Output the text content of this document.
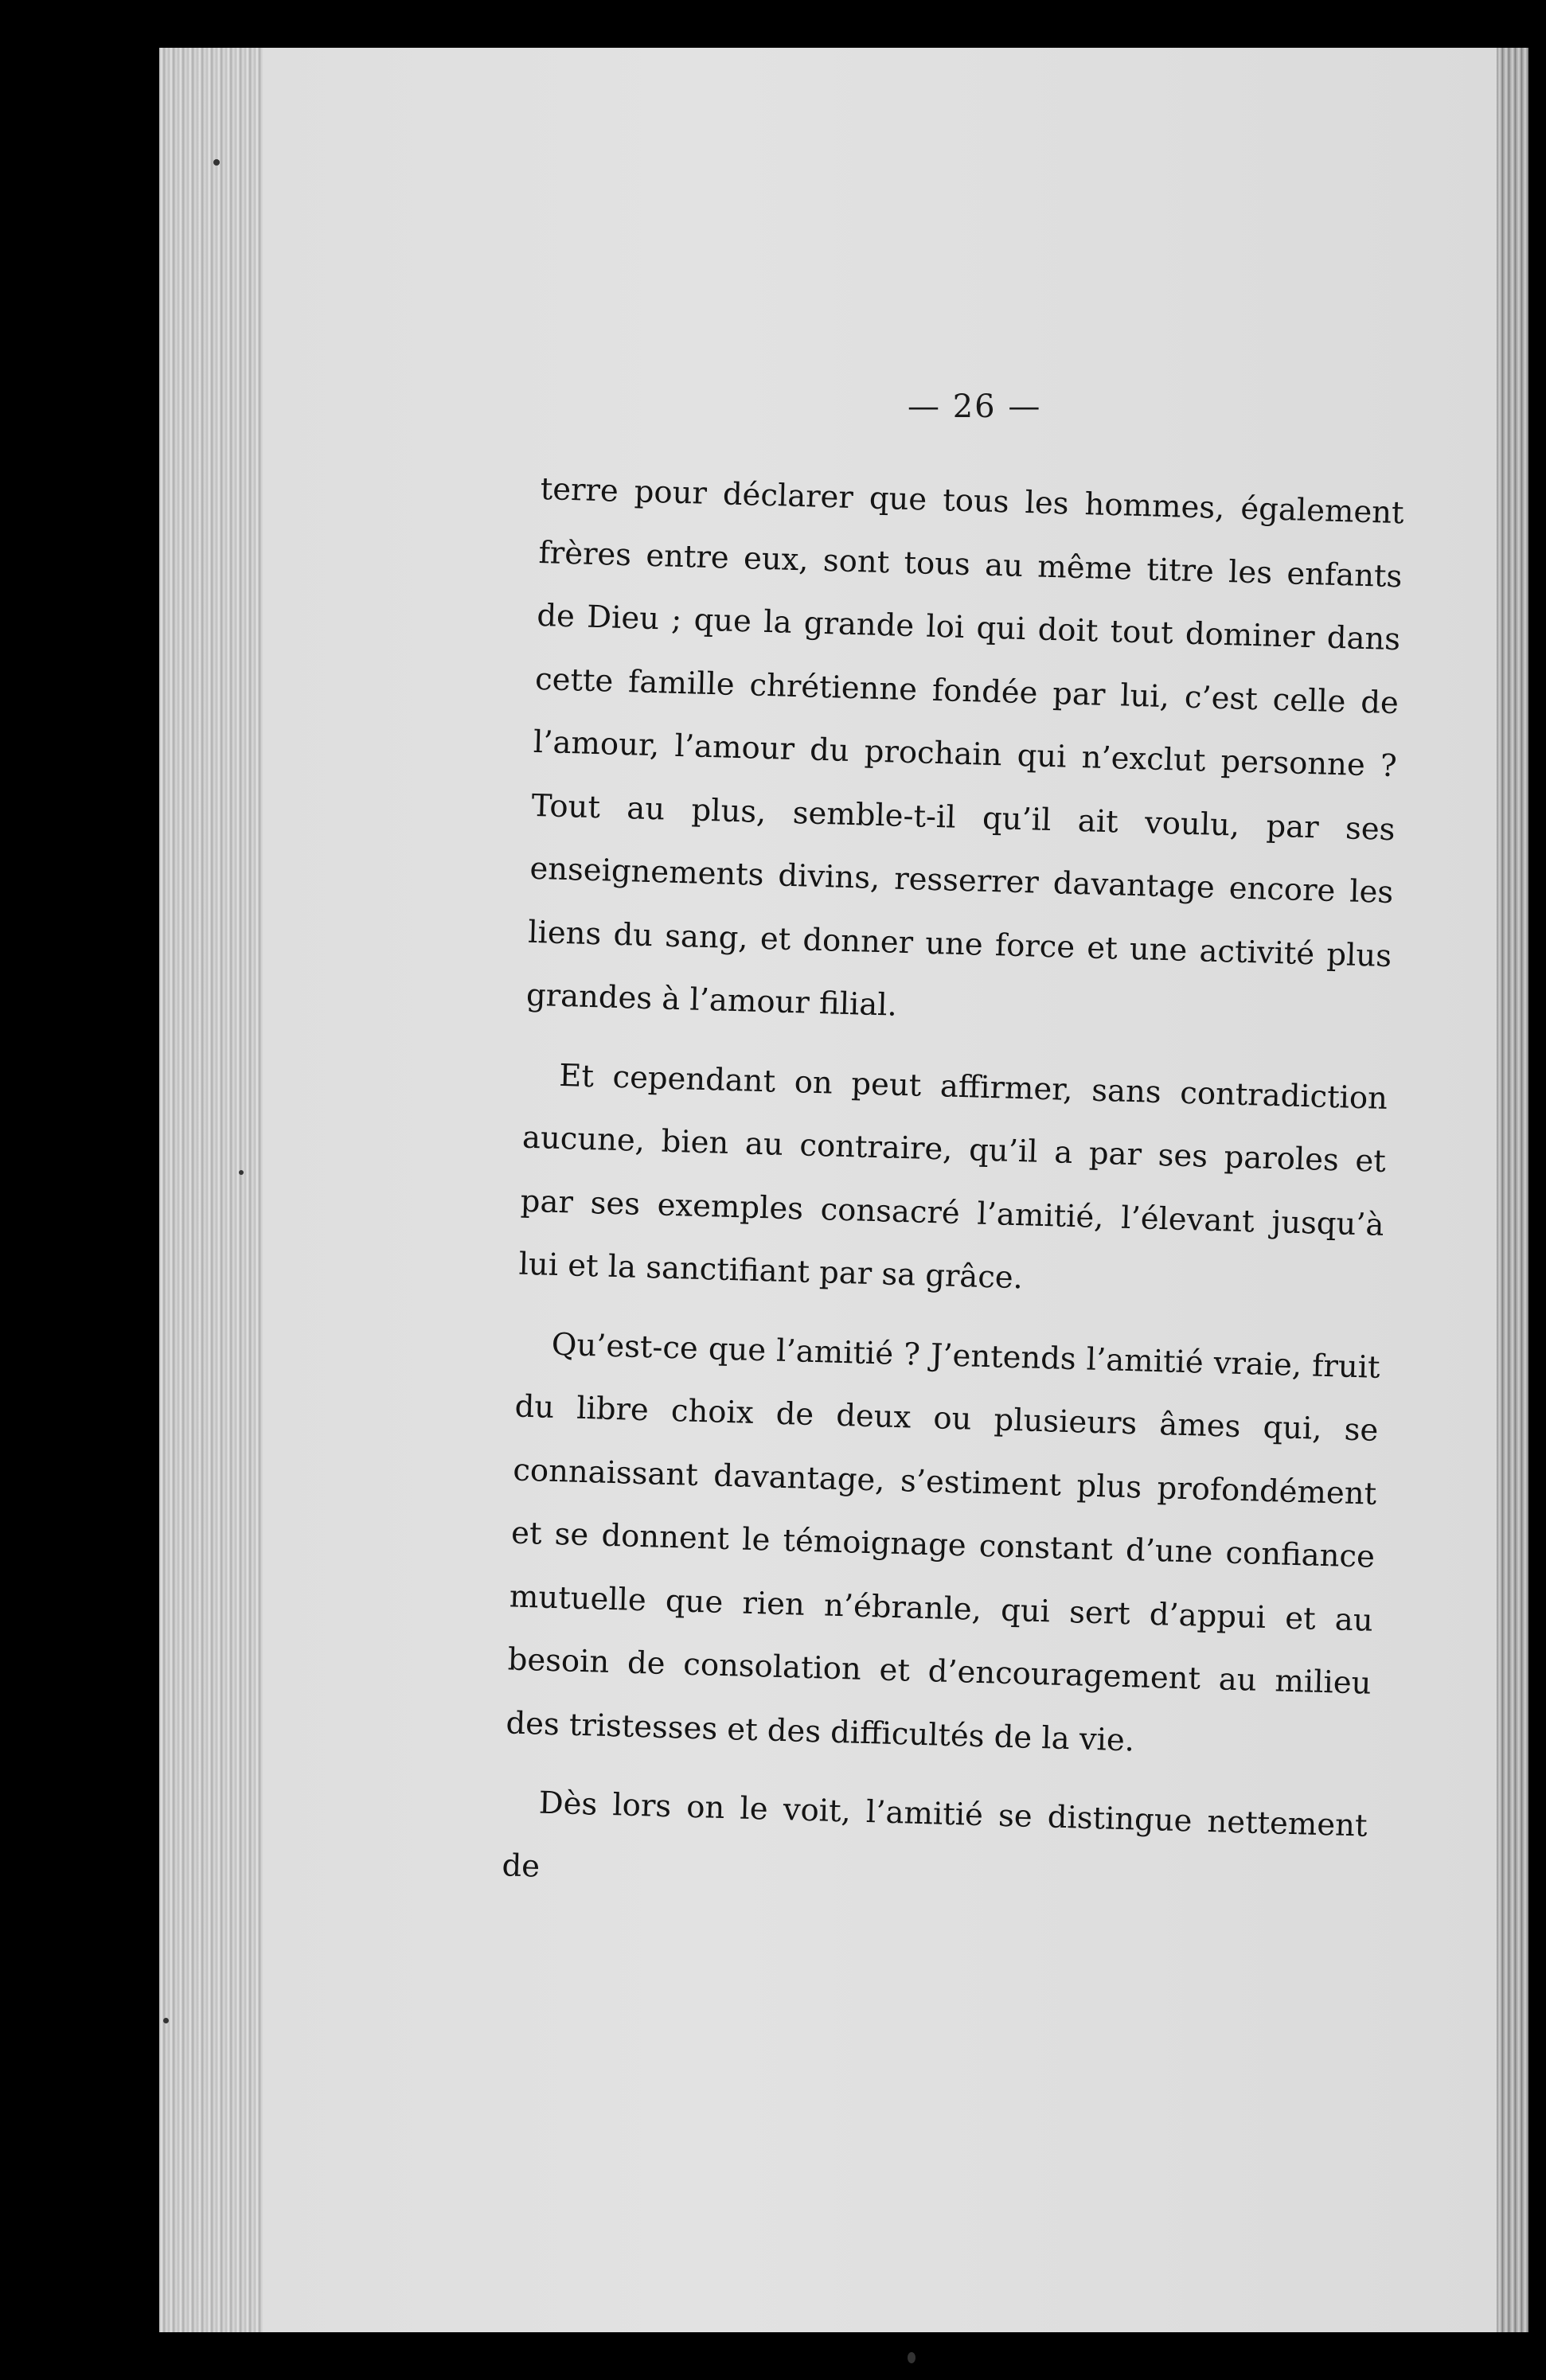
— 26 —

terre pour déclarer que tous les hommes, également frères entre eux, sont tous au même titre les enfants de Dieu ; que la grande loi qui doit tout dominer dans cette famille chrétienne fondée par lui, c’est celle de l’amour, l’amour du prochain qui n’exclut personne ? Tout au plus, semble-t-il qu’il ait voulu, par ses enseignements divins, resserrer davantage encore les liens du sang, et donner une force et une activité plus grandes à l’amour filial.

Et cependant on peut affirmer, sans contradiction aucune, bien au contraire, qu’il a par ses paroles et par ses exemples consacré l’amitié, l’élevant jusqu’à lui et la sanctifiant par sa grâce.

Qu’est-ce que l’amitié ? J’entends l’amitié vraie, fruit du libre choix de deux ou plusieurs âmes qui, se connaissant davantage, s’estiment plus profondément et se donnent le témoignage constant d’une confiance mutuelle que rien n’ébranle, qui sert d’appui et au besoin de consolation et d’encouragement au milieu des tristesses et des difficultés de la vie.

Dès lors on le voit, l’amitié se distingue nettement de
